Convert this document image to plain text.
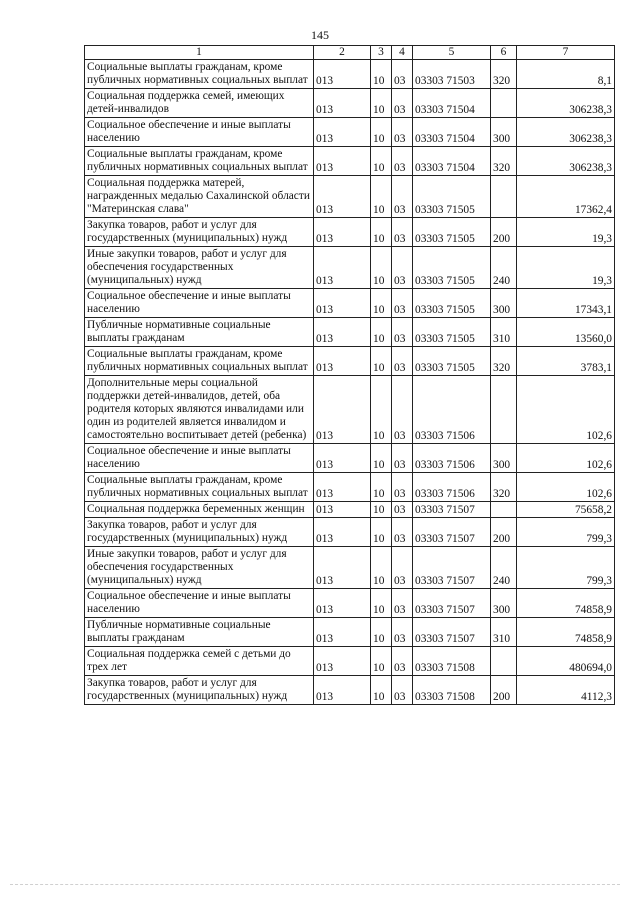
145
1	2	3	4	5	6	7
Социальные выплаты гражданам, кроме публичных нормативных социальных выплат	013	10	03	03303 71503	320	8,1
Социальная поддержка семей, имеющих детей-инвалидов	013	10	03	03303 71504		306238,3
Социальное обеспечение и иные выплаты населению	013	10	03	03303 71504	300	306238,3
Социальные выплаты гражданам, кроме публичных нормативных социальных выплат	013	10	03	03303 71504	320	306238,3
Социальная поддержка матерей, награжденных медалью Сахалинской области "Материнская слава"	013	10	03	03303 71505		17362,4
Закупка товаров, работ и услуг для государственных (муниципальных) нужд	013	10	03	03303 71505	200	19,3
Иные закупки товаров, работ и услуг для обеспечения государственных (муниципальных) нужд	013	10	03	03303 71505	240	19,3
Социальное обеспечение и иные выплаты населению	013	10	03	03303 71505	300	17343,1
Публичные нормативные социальные выплаты гражданам	013	10	03	03303 71505	310	13560,0
Социальные выплаты гражданам, кроме публичных нормативных социальных выплат	013	10	03	03303 71505	320	3783,1
Дополнительные меры социальной поддержки детей-инвалидов, детей, оба родителя которых являются инвалидами или один из родителей является инвалидом и самостоятельно воспитывает детей (ребенка)	013	10	03	03303 71506		102,6
Социальное обеспечение и иные выплаты населению	013	10	03	03303 71506	300	102,6
Социальные выплаты гражданам, кроме публичных нормативных социальных выплат	013	10	03	03303 71506	320	102,6
Социальная поддержка беременных женщин	013	10	03	03303 71507		75658,2
Закупка товаров, работ и услуг для государственных (муниципальных) нужд	013	10	03	03303 71507	200	799,3
Иные закупки товаров, работ и услуг для обеспечения государственных (муниципальных) нужд	013	10	03	03303 71507	240	799,3
Социальное обеспечение и иные выплаты населению	013	10	03	03303 71507	300	74858,9
Публичные нормативные социальные выплаты гражданам	013	10	03	03303 71507	310	74858,9
Социальная поддержка семей с детьми до трех лет	013	10	03	03303 71508		480694,0
Закупка товаров, работ и услуг для государственных (муниципальных) нужд	013	10	03	03303 71508	200	4112,3
